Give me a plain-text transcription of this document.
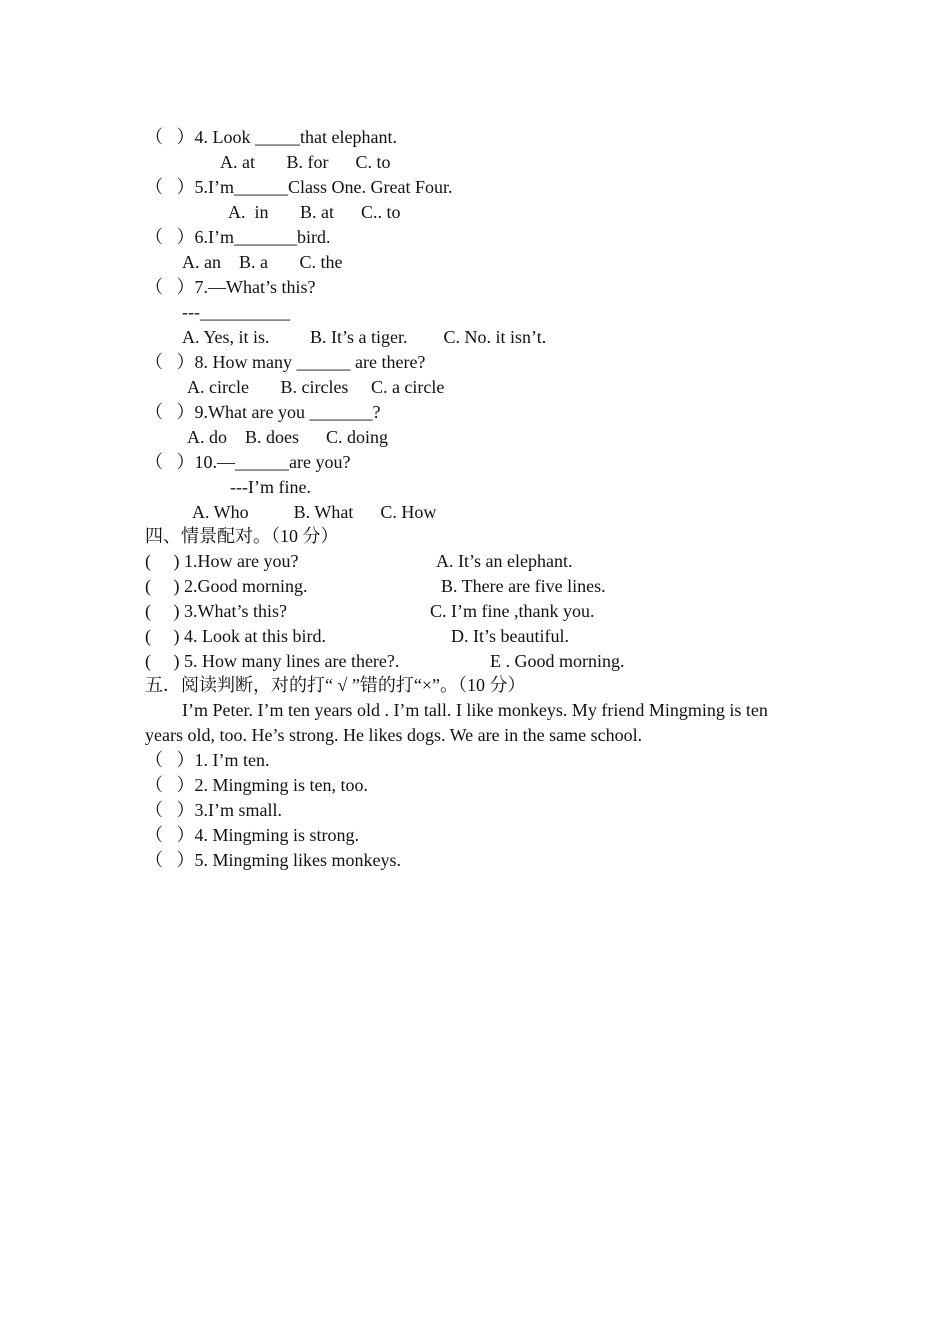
（   ）4. Look _____that elephant.
A. at       B. for      C. to
（   ）5.I’m______Class One. Great Four.
A.  in       B. at      C.. to
（   ）6.I’m_______bird.
A. an    B. a       C. the
（   ）7.—What’s this?
---__________
A. Yes, it is.         B. It’s a tiger.        C. No. it isn’t.
（   ）8. How many ______ are there?
A. circle       B. circles     C. a circle
（   ）9.What are you _______?
A. do    B. does      C. doing
（   ）10.—______are you?
---I’m fine.
A. Who          B. What      C. How
四、情景配对。（10 分）
(     ) 1.How are you?	A. It’s an elephant.
(     ) 2.Good morning.	B. There are five lines.
(     ) 3.What’s this?	C. I’m fine ,thank you.
(     ) 4. Look at this bird.	D. It’s beautiful.
(     ) 5. How many lines are there?.	E . Good morning.
五．阅读判断，对的打“ √ ”错的打“×”。（10 分）
I’m Peter. I’m ten years old . I’m tall. I like monkeys. My friend Mingming is ten
years old, too. He’s strong. He likes dogs. We are in the same school.
（   ）1. I’m ten.
（   ）2. Mingming is ten, too.
（   ）3.I’m small.
（   ）4. Mingming is strong.
（   ）5. Mingming likes monkeys.
